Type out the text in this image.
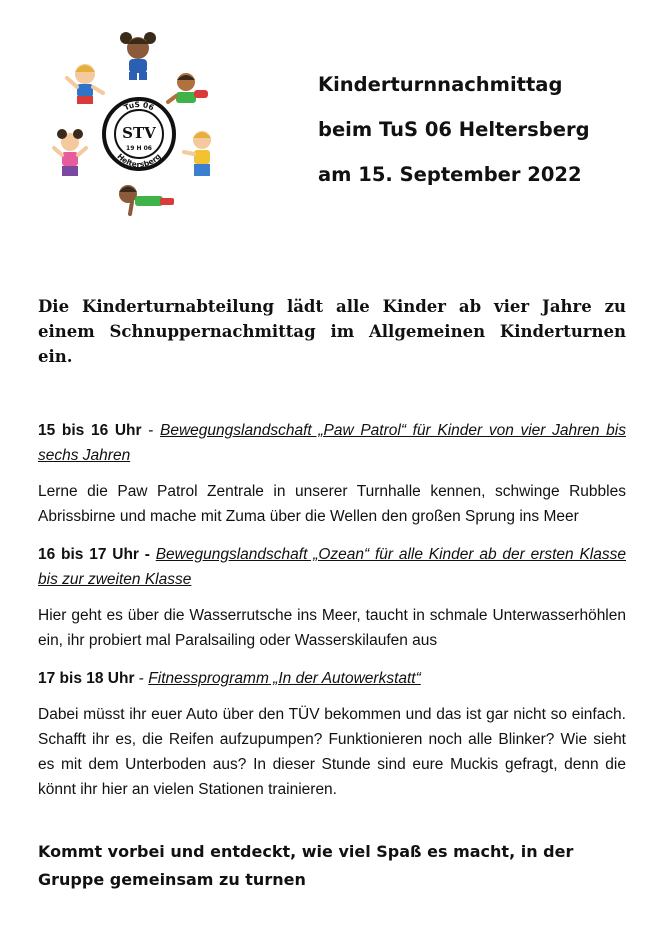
TuS 06
Heltersberg
STV
19 H 06
Kinderturnnachmittag
beim TuS 06 Heltersberg
am 15. September 2022

Die Kinderturnabteilung lädt alle Kinder ab vier Jahre zu einem Schnuppernachmittag im Allgemeinen Kinderturnen ein.

15 bis 16 Uhr - Bewegungslandschaft „Paw Patrol“ für Kinder von vier Jahren bis sechs Jahren

Lerne die Paw Patrol Zentrale in unserer Turnhalle kennen, schwinge Rubbles Abrissbirne und mache mit Zuma über die Wellen den großen Sprung ins Meer

16 bis 17 Uhr - Bewegungslandschaft „Ozean“ für alle Kinder ab der ersten Klasse bis zur zweiten Klasse

Hier geht es über die Wasserrutsche ins Meer, taucht in schmale Unterwasserhöhlen ein, ihr probiert mal Paralsailing oder Wasserskilaufen aus

17 bis 18 Uhr - Fitnessprogramm „In der Autowerkstatt“

Dabei müsst ihr euer Auto über den TÜV bekommen und das ist gar nicht so einfach. Schafft ihr es, die Reifen aufzupumpen? Funktionieren noch alle Blinker? Wie sieht es mit dem Unterboden aus? In dieser Stunde sind eure Muckis gefragt, denn die könnt ihr hier an vielen Stationen trainieren.

Kommt vorbei und entdeckt, wie viel Spaß es macht, in der Gruppe gemeinsam zu turnen
